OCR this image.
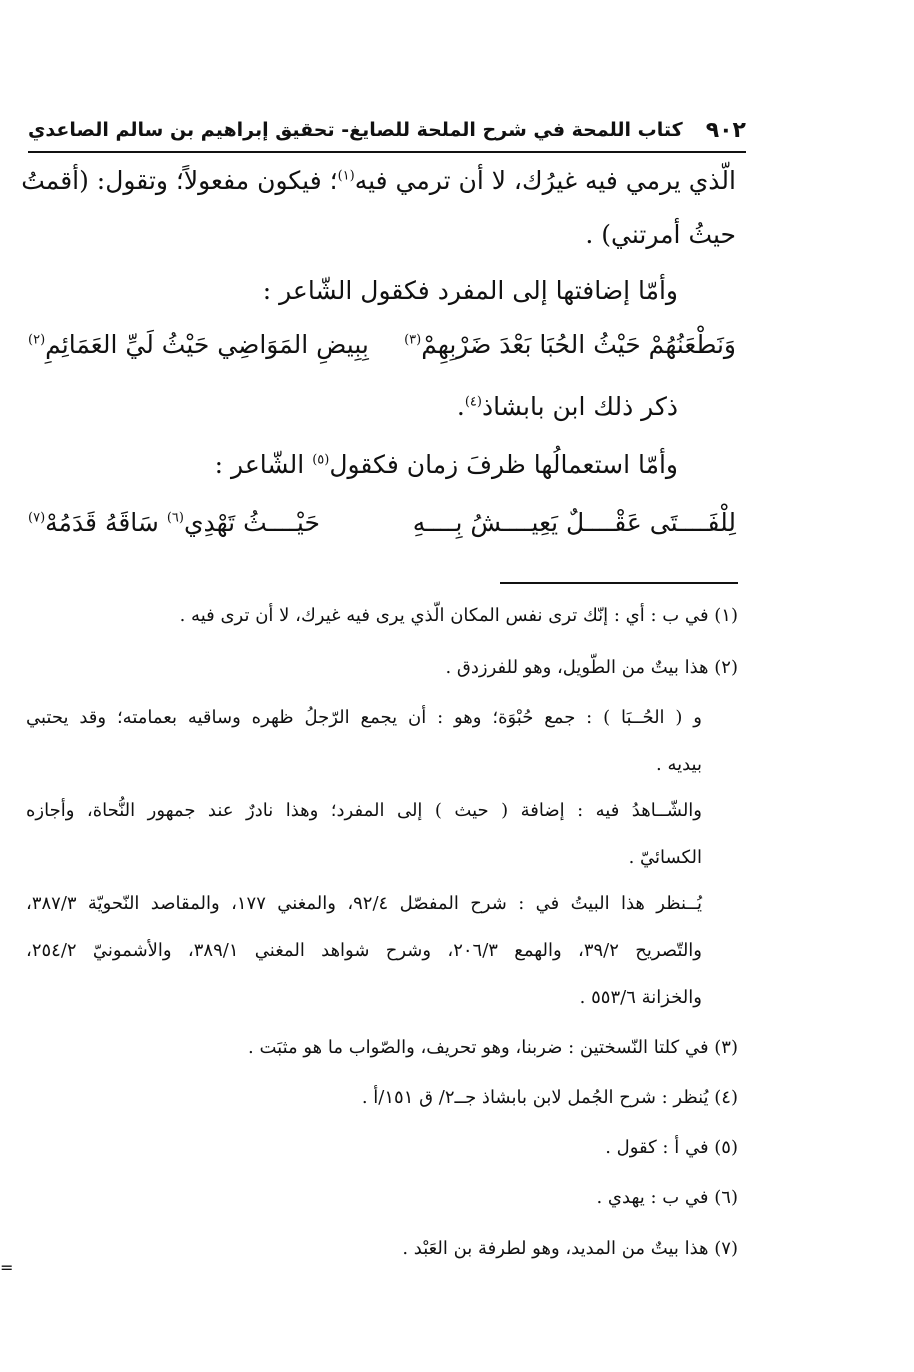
كتاب اللمحة في شرح الملحة للصايغ- تحقيق إبراهيم بن سالم الصاعدي ٩٠٢
الّذي يرمي فيه غيرُك، لا أن ترمي فيه$^{(١)}$؛ فيكون مفعولاً؛ وتقول: (أقمتُ
حيثُ أمرتني) .
وأمّا إضافتها إلى المفرد فكقول الشّاعر :
وَنَطْعَنُهُمْ حَيْثُ الحُبَا بَعْدَ ضَرْبِهِمْ$^{(٣)}$
بِبِيضِ المَوَاضِي حَيْثُ لَيِّ العَمَائِمِ$^{(٢)}$
ذكر ذلك ابن بابشاذ$^{(٤)}$.
وأمّا استعمالُها ظرفَ زمان فكقول$^{(٥)}$ الشّاعر :
لِلْفَــــتَى عَقْــــلٌ يَعِيــــشُ بِــــهِ
حَيْــــثُ تَهْدِي$^{(٦)}$ سَاقَهُ قَدَمُهْ$^{(٧)}$
(١) في ب : أي : إنّك ترى نفس المكان الّذي يرى فيه غيرك، لا أن ترى فيه .
(٢) هذا بيتٌ من الطّويل، وهو للفرزدق .
و ( الحُــبَا ) : جمع حُبْوَة؛ وهو : أن يجمع الرّجلُ ظهره وساقيه بعمامته؛ وقد يحتبي
بيديه .
والشّــاهدُ فيه : إضافة ( حيث ) إلى المفرد؛ وهذا نادرٌ عند جمهور النُّحاة، وأجازه
الكسائيّ .
يُــنظر هذا البيتُ في : شرح المفصّل ٩٢/٤، والمغني ١٧٧، والمقاصد النّحويّة ٣٨٧/٣،
والتّصريح ٣٩/٢، والهمع ٢٠٦/٣، وشرح شواهد المغني ٣٨٩/١، والأشمونيّ ٢٥٤/٢،
والخزانة ٥٥٣/٦ .
(٣) في كلتا النّسختين : ضربنا، وهو تحريف، والصّواب ما هو مثبَت .
(٤) يُنظر : شرح الجُمل لابن بابشاذ جــ٢/ ق ١٥١/أ .
(٥) في أ : كقول .
(٦) في ب : يهدي .
(٧) هذا بيتٌ من المديد، وهو لطرفة بن العَبْد .
=
